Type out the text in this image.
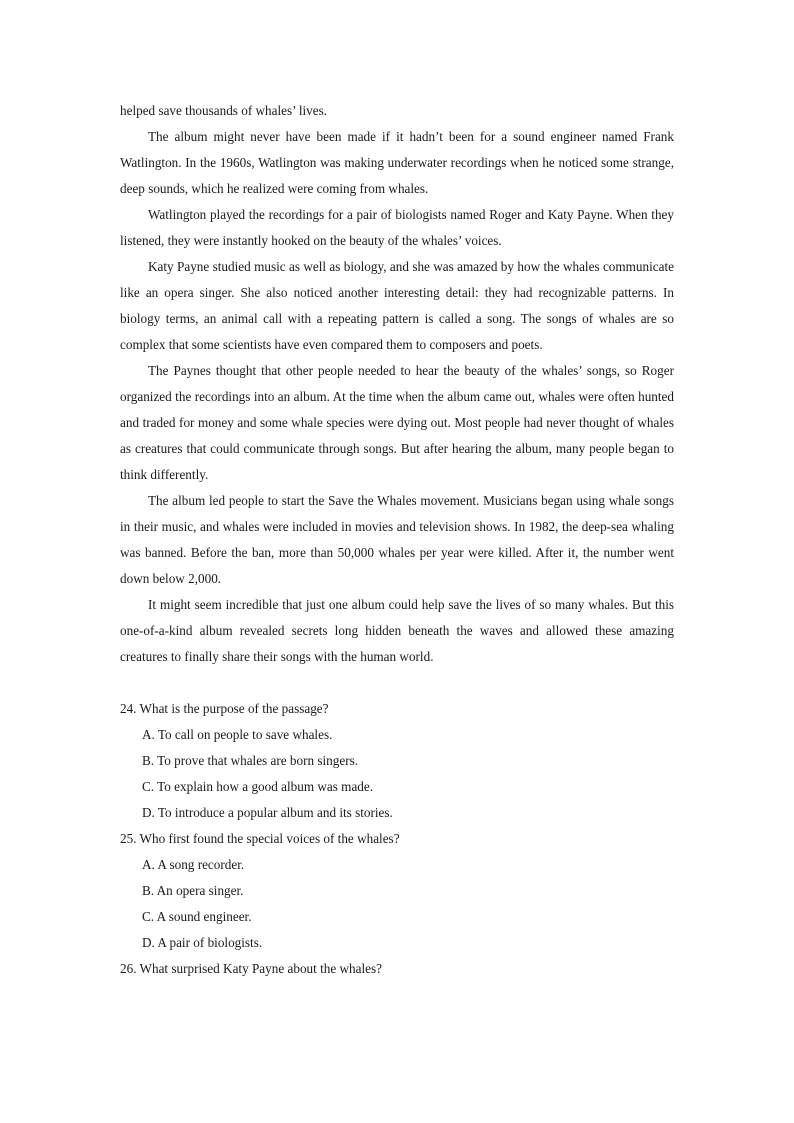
helped save thousands of whales’ lives.

The album might never have been made if it hadn’t been for a sound engineer named Frank Watlington. In the 1960s, Watlington was making underwater recordings when he noticed some strange, deep sounds, which he realized were coming from whales.

Watlington played the recordings for a pair of biologists named Roger and Katy Payne. When they listened, they were instantly hooked on the beauty of the whales’ voices.

Katy Payne studied music as well as biology, and she was amazed by how the whales communicate like an opera singer. She also noticed another interesting detail: they had recognizable patterns. In biology terms, an animal call with a repeating pattern is called a song. The songs of whales are so complex that some scientists have even compared them to composers and poets.

The Paynes thought that other people needed to hear the beauty of the whales’ songs, so Roger organized the recordings into an album. At the time when the album came out, whales were often hunted and traded for money and some whale species were dying out. Most people had never thought of whales as creatures that could communicate through songs. But after hearing the album, many people began to think differently.

The album led people to start the Save the Whales movement. Musicians began using whale songs in their music, and whales were included in movies and television shows. In 1982, the deep-sea whaling was banned. Before the ban, more than 50,000 whales per year were killed. After it, the number went down below 2,000.

It might seem incredible that just one album could help save the lives of so many whales. But this one-of-a-kind album revealed secrets long hidden beneath the waves and allowed these amazing creatures to finally share their songs with the human world.

24. What is the purpose of the passage?

A. To call on people to save whales.

B. To prove that whales are born singers.

C. To explain how a good album was made.

D. To introduce a popular album and its stories.

25. Who first found the special voices of the whales?

A. A song recorder.

B. An opera singer.

C. A sound engineer.

D. A pair of biologists.

26. What surprised Katy Payne about the whales?
